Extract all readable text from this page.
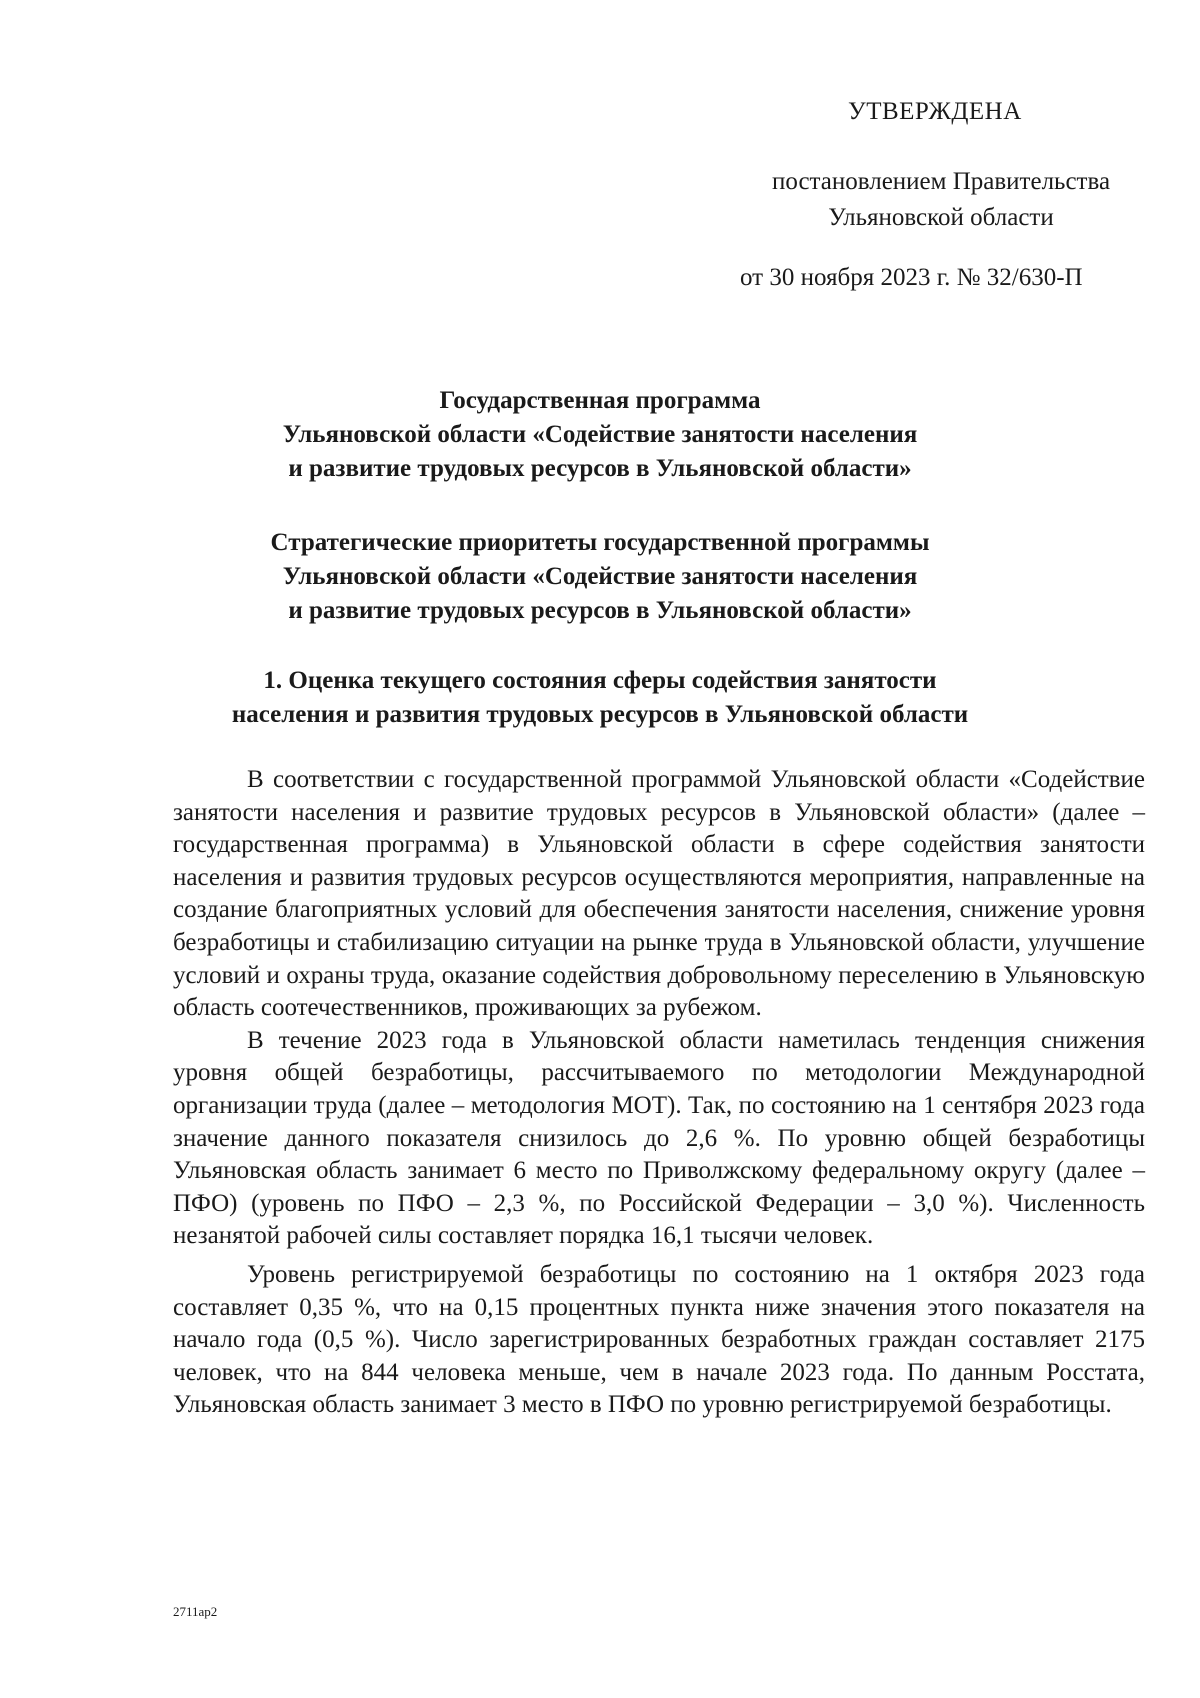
УТВЕРЖДЕНА
постановлением Правительства
Ульяновской области
от 30 ноября 2023 г. № 32/630-П
Государственная программа
Ульяновской области «Содействие занятости населения
и развитие трудовых ресурсов в Ульяновской области»
Стратегические приоритеты государственной программы
Ульяновской области «Содействие занятости населения
и развитие трудовых ресурсов в Ульяновской области»
1. Оценка текущего состояния сферы содействия занятости
населения и развития трудовых ресурсов в Ульяновской области

В соответствии с государственной программой Ульяновской области «Содействие занятости населения и развитие трудовых ресурсов в Ульяновской области» (далее – государственная программа) в Ульяновской области в сфере содействия занятости населения и развития трудовых ресурсов осуществляются мероприятия, направленные на создание благоприятных условий для обеспечения занятости населения, снижение уровня безработицы и стабилизацию ситуации на рынке труда в Ульяновской области, улучшение условий и охраны труда, оказание содействия добровольному переселению в Ульяновскую область соотечественников, проживающих за рубежом.

В течение 2023 года в Ульяновской области наметилась тенденция снижения уровня общей безработицы, рассчитываемого по методологии Международной организации труда (далее – методология МОТ). Так, по состоянию на 1 сентября 2023 года значение данного показателя снизилось до 2,6 %. По уровню общей безработицы Ульяновская область занимает 6 место по Приволжскому федеральному округу (далее – ПФО) (уровень по ПФО – 2,3 %, по Российской Федерации – 3,0 %). Численность незанятой рабочей силы составляет порядка 16,1 тысячи человек.

Уровень регистрируемой безработицы по состоянию на 1 октября 2023 года составляет 0,35 %, что на 0,15 процентных пункта ниже значения этого показателя на начало года (0,5 %). Число зарегистрированных безработных граждан составляет 2175 человек, что на 844 человека меньше, чем в начале 2023 года. По данным Росстата, Ульяновская область занимает 3 место в ПФО по уровню регистрируемой безработицы.

2711ар2
